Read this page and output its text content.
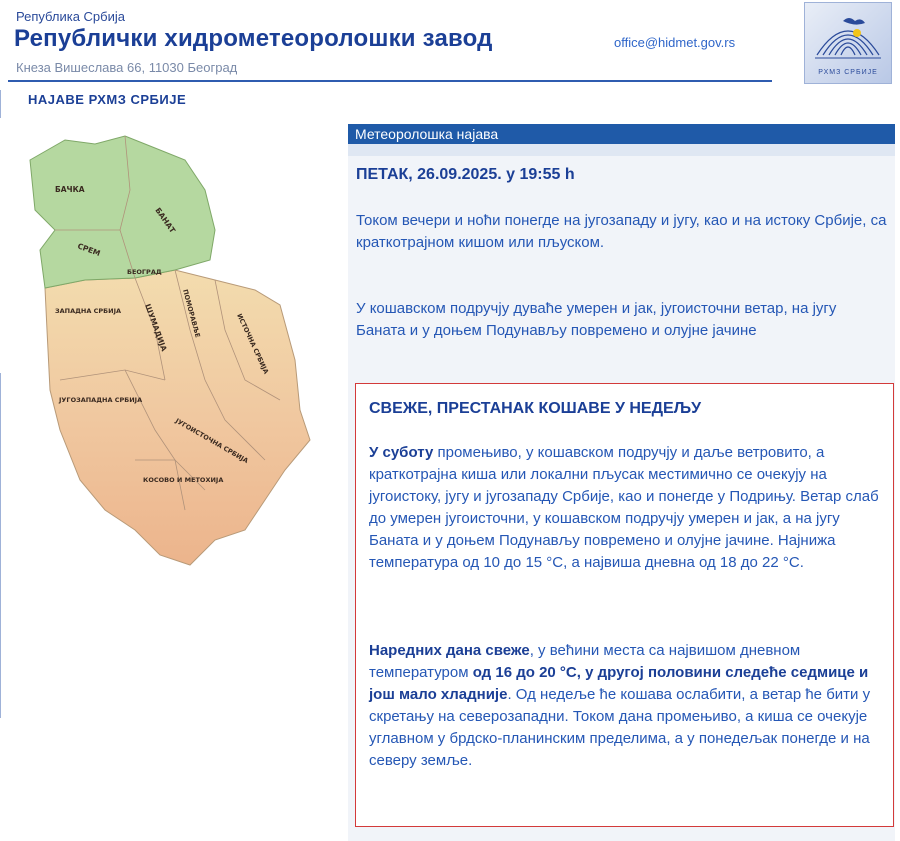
Република Србија
Републички хидрометеоролошки завод
Кнеза Вишеслава 66, 11030 Београд
office@hidmet.gov.rs
РХМЗ СРБИЈЕ
НАЈАВЕ РХМЗ СРБИЈЕ
БАЧКА
БАНАТ
СРЕМ
БЕОГРАД
ЗАПАДНА СРБИЈА	ШУМАДИЈА ПОМОРАВЉЕ	ИСТОЧНА СРБИЈА
ЈУГОЗАПАДНА СРБИЈА
ЈУГОИСТОЧНА СРБИЈА
КОСОВО И МЕТОХИЈА
Метеоролошка најава
ПЕТАК, 26.09.2025. у 19:55 h

Током вечери и ноћи понегде на југозападу и југу, као и на истоку Србије, са краткотрајном кишом или пљуском.

У кошавском подручју дуваће умерен и јак, југоисточни ветар, на југу Баната и у доњем Подунављу повремено и олујне јачине

СВЕЖЕ, ПРЕСТАНАК КОШАВЕ У НЕДЕЉУ

У суботу промењиво, у кошавском подручју и даље ветровито, а краткотрајна киша или локални пљусак местимично се очекују на југоистоку, југу и југозападу Србије, као и понегде у Подрињу. Ветар слаб до умерен југоисточни, у кошавском подручју умерен и јак, а на југу Баната и у доњем Подунављу повремено и олујне јачине. Најнижа температура од 10 до 15 °C, а највиша дневна од 18 до 22 °C.

Наредних дана свеже, у већини места са највишом дневном температуром од 16 до 20 °C, у другој половини следеће седмице и још мало хладније. Од недеље ће кошава ослабити, а ветар ће бити у скретању на северозападни. Током дана промењиво, а киша се очекује углавном у брдско-планинским пределима, а у понедељак понегде и на северу земље.
